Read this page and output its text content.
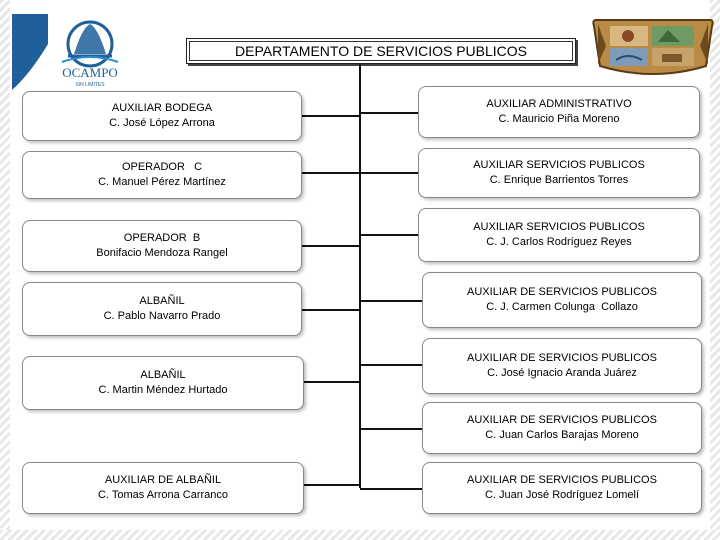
OCAMPO
SIN LIMITES
DEPARTAMENTO DE SERVICIOS PUBLICOS
AUXILIAR BODEGA
C. José López Arrona
OPERADOR   C
C. Manuel Pérez Martínez
OPERADOR  B
Bonifacio Mendoza Rangel
ALBAÑIL
C. Pablo Navarro Prado
ALBAÑIL
C. Martin Méndez Hurtado
AUXILIAR DE ALBAÑIL
C. Tomas Arrona Carranco
AUXILIAR ADMINISTRATIVO
C. Mauricio Piña Moreno
AUXILIAR SERVICIOS PUBLICOS
C. Enrique Barrientos Torres
AUXILIAR SERVICIOS PUBLICOS
C. J. Carlos Rodríguez Reyes
AUXILIAR DE SERVICIOS PUBLICOS
C. J. Carmen Colunga  Collazo
AUXILIAR DE SERVICIOS PUBLICOS
C. José Ignacio Aranda Juárez
AUXILIAR DE SERVICIOS PUBLICOS
C. Juan Carlos Barajas Moreno
AUXILIAR DE SERVICIOS PUBLICOS
C. Juan José Rodríguez Lomelí
